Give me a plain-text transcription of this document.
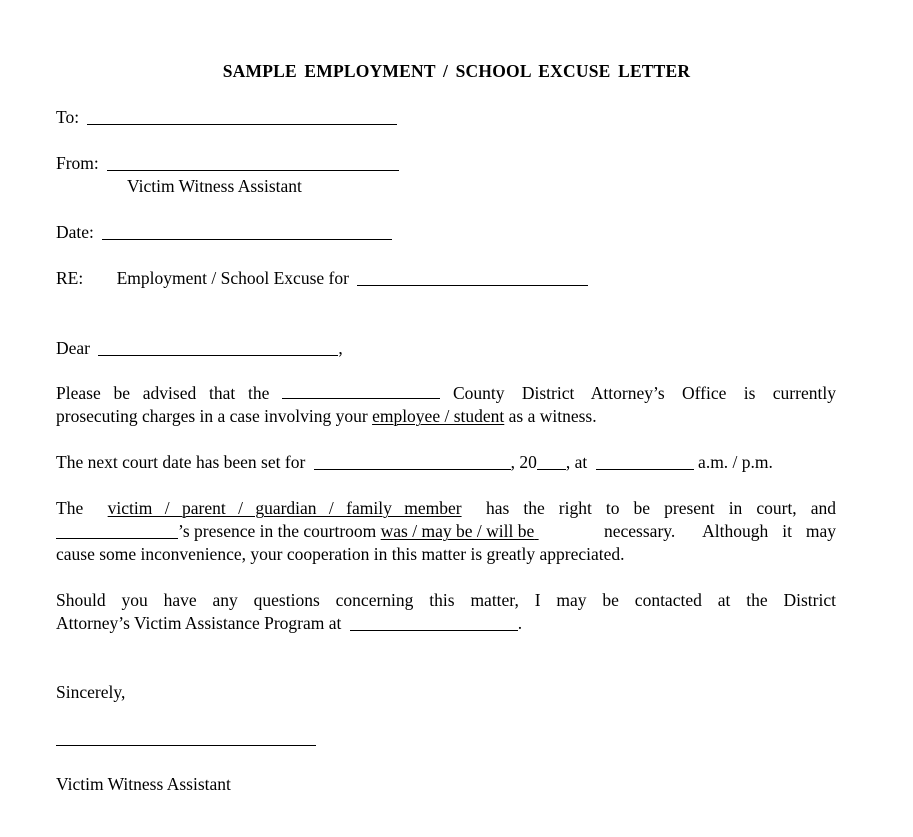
SAMPLE EMPLOYMENT / SCHOOL EXCUSE LETTER
To:
From:
Victim Witness Assistant
Date:
RE: Employment / School Excuse for
Dear	,
Please be advised that the	County District Attorney’s Office is currently
prosecuting charges in a case involving your employee / student as a witness.
The next court date has been set for	, 20 , at	a.m. / p.m.
The victim / parent / guardian / family member has the right to be present in court, and
’s presence in the courtroom was / may be / will be	necessary.  Although it may
cause some inconvenience, your cooperation in this matter is greatly appreciated.
Should you have any questions concerning this matter, I may be contacted at the District
Attorney’s Victim Assistance Program at	.
Sincerely,
Victim Witness Assistant
